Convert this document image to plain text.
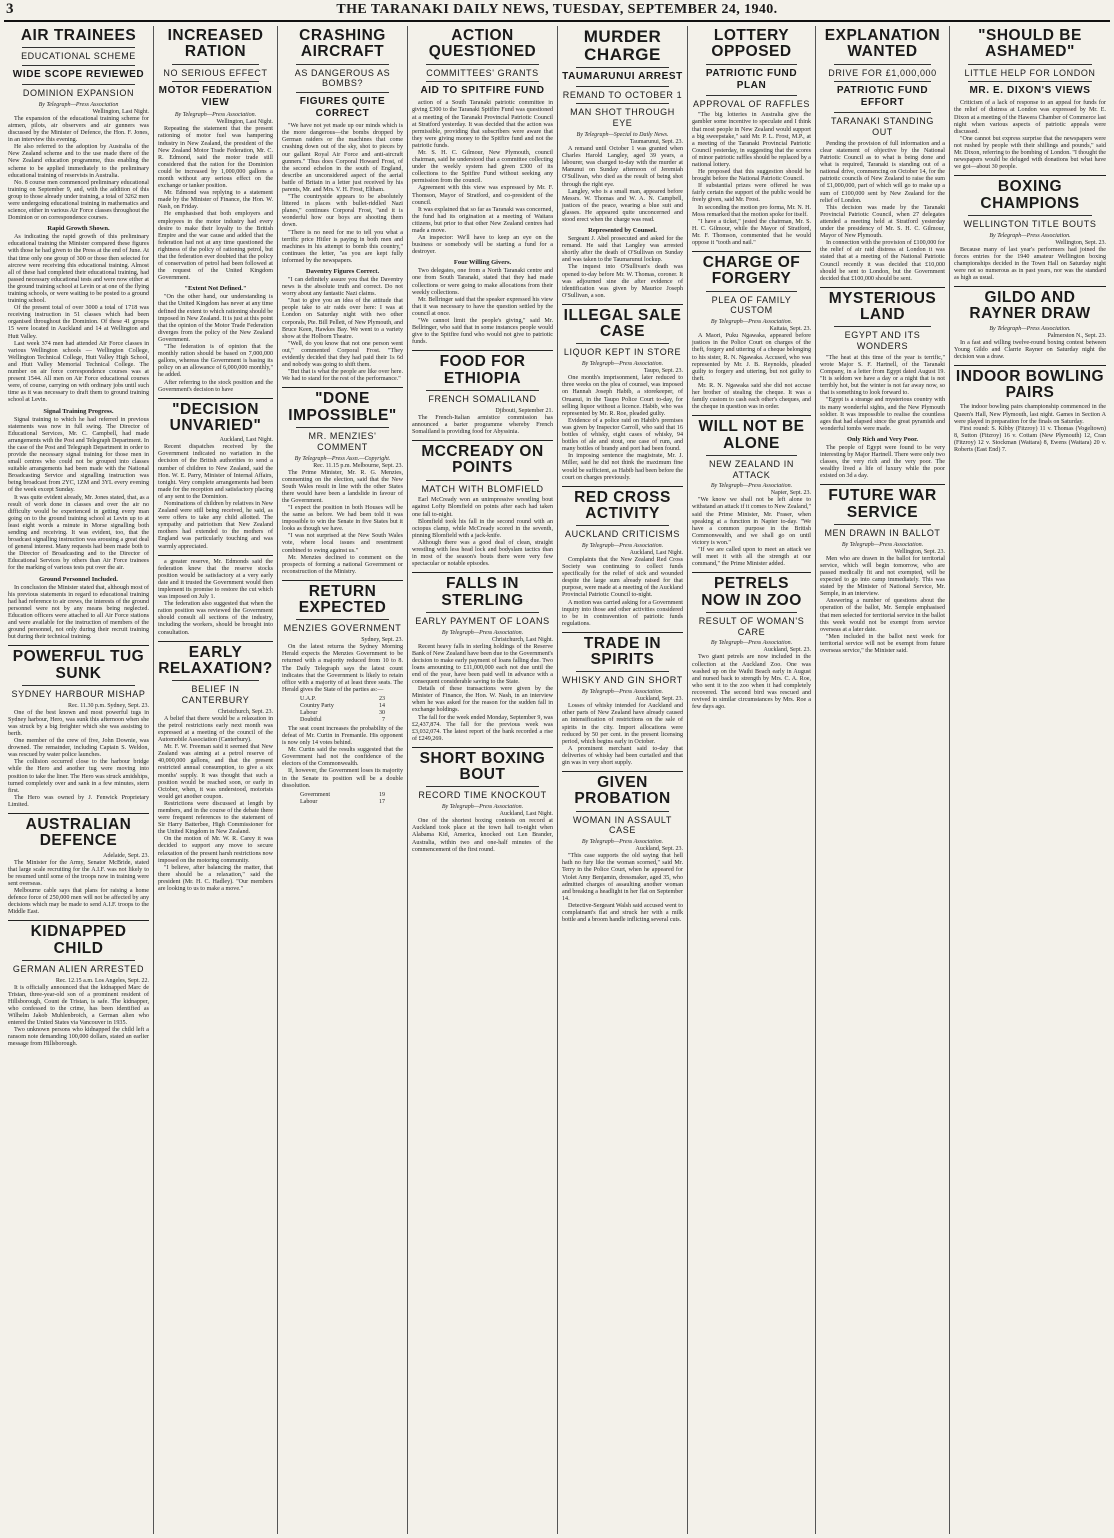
3	THE TARANAKI DAILY NEWS, TUESDAY, SEPTEMBER 24, 1940.
AIR TRAINEES
EDUCATIONAL SCHEME
WIDE SCOPE REVIEWED
DOMINION EXPANSION
By Telegraph—Press Association
Wellington, Last Night.

The expansion of the educational training scheme for airmen, pilots, air observers and air gunners was discussed by the Minister of Defence, the Hon. F. Jones, in an interview this evening.

He also referred to the adoption by Australia of the New Zealand scheme and to the use made there of the New Zealand education programme, thus enabling the scheme to be applied immediately to the preliminary educational training of reservists in Australia.

No. 8 course men commenced preliminary educational training on September 9, and, with the addition of this group to those already under training, a total of 3262 men were undergoing educational training in mathematics and science, either in various Air Force classes throughout the Dominion or on correspondence courses.

Rapid Growth Shown.

As indicating the rapid growth of this preliminary educational training the Minister compared these figures with those he had given to the Press at the end of June. At that time only one group of 300 or those then selected for aircrew were receiving this educational training. Almost all of these had completed their educational training, had passed necessary educational tests and were now either at the ground training school at Levin or at one of the flying training schools, or were waiting to be posted to a ground training school.

Of the present total of over 3000 a total of 1718 was receiving instruction in 51 classes which had been organised throughout the Dominion. Of these 41 groups 15 were located in Auckland and 14 at Wellington and Hutt Valley.

Last week 374 men had attended Air Force classes in various Wellington schools — Wellington College, Wellington Technical College, Hutt Valley High School, and Hutt Valley Memorial Technical College. The number on air force correspondence courses was at present 1544. All men on Air Force educational courses were, of course, carrying on with ordinary jobs until such time as it was necessary to draft them to ground training school at Levin.

Signal Training Progress.

Signal training to which he had referred in previous statements was now in full swing. The Director of Educational Services, Mr. C. Campbell, had made arrangements with the Post and Telegraph Department. In the case of the Post and Telegraph Department in order to provide the necessary signal training for those men in small centres who could not be grouped into classes suitable arrangements had been made with the National Broadcasting Service and signalling instruction was being broadcast from 2YC, 1ZM and 3YL every evening of the week except Sunday.

It was quite evident already, Mr. Jones stated, that, as a result of work done in classes and over the air no difficulty would be experienced in getting every man going on to the ground training school at Levin up to at least eight words a minute in Morse signalling both sending and receiving. It was evident, too, that the broadcast signalling instruction was arousing a great deal of general interest. Many requests had been made both to the Director of Broadcasting and to the Director of Educational Services by others than Air Force trainees for the marking of various tests put over the air.

Ground Personnel Included.

In conclusion the Minister stated that, although most of his previous statements in regard to educational training had had reference to air crews, the interests of the ground personnel were not by any means being neglected. Education officers were attached to all Air Force stations and were available for the instruction of members of the ground personnel, not only during their recruit training but during their technical training.

POWERFUL TUG SUNK
SYDNEY HARBOUR MISHAP
Rec. 11.30 p.m. Sydney, Sept. 23.

One of the best known and most powerful tugs in Sydney harbour, Hero, was sunk this afternoon when she was struck by a big freighter which she was assisting to berth.

One member of the crew of five, John Downie, was drowned. The remainder, including Captain S. Weldon, was rescued by water police launches.

The collision occurred close to the harbour bridge while the Hero and another tug were moving into position to take the liner. The Hero was struck amidships, turned completely over and sank in a few minutes, stern first.

The Hero was owned by J. Fenwick Proprietary Limited.

AUSTRALIAN DEFENCE
Adelaide, Sept. 23.

The Minister for the Army, Senator McBride, stated that large scale recruiting for the A.I.F. was not likely to be resumed until some of the troops now in training were sent overseas.

Melbourne cable says that plans for raising a home defence force of 250,000 men will not be affected by any decisions which may be made to send A.I.F. troops to the Middle East.

KIDNAPPED CHILD
GERMAN ALIEN ARRESTED
Rec. 12.15 a.m. Los Angeles, Sept. 22.

It is officially announced that the kidnapped Marc de Tristan, three-year-old son of a prominent resident of Hillsborough, Count de Tristan, is safe. The kidnapper, who confessed to the crime, has been identified as Wilhelm Jakob Muhlenbroich, a German alien who entered the United States via Vancouver in 1935.

Two unknown persons who kidnapped the child left a ransom note demanding 100,000 dollars, stated an earlier message from Hillsborough.

INCREASED RATION
NO SERIOUS EFFECT
MOTOR FEDERATION VIEW
By Telegraph—Press Association.
Wellington, Last Night.

Repeating the statement that the present rationing of motor fuel was hampering industry in New Zealand, the president of the New Zealand Motor Trade Federation, Mr. C. R. Edmond, said the motor trade still considered that the ration for the Dominion could be increased by 1,000,000 gallons a month without any serious effect on the exchange or tanker position.

Mr. Edmond was replying to a statement made by the Minister of Finance, the Hon. W. Nash, on Friday.

He emphasised that both employers and employees in the motor industry had every desire to make their loyalty to the British Empire and the war cause and added that the federation had not at any time questioned the rightness of the policy of rationing petrol, but that the federation ever doubted that the policy of conservation of petrol had been followed at the request of the United Kingdom Government.

"Extent Not Defined."

"On the other hand, our understanding is that the United Kingdom has never at any time defined the extent to which rationing should be imposed in New Zealand. It is just at this point that the opinion of the Motor Trade Federation diverges from the policy of the New Zealand Government.

"The federation is of opinion that the monthly ration should be based on 7,000,000 gallons, whereas the Government is basing its policy on an allowance of 6,000,000 monthly," he added.

After referring to the stock position and the Government's decision to have

"DECISION UNVARIED"
Auckland, Last Night.

Recent dispatches received by the Government indicated no variation in the decision of the British authorities to send a number of children to New Zealand, said the Hon. W. E. Parry, Minister of Internal Affairs, tonight. Very complete arrangements had been made for the reception and satisfactory placing of any sent to the Dominion.

Nominations of children by relatives in New Zealand were still being received, he said, as were offers to take any child allotted. The sympathy and patriotism that New Zealand mothers had extended to the mothers of England was particularly touching and was warmly appreciated.

a greater reserve, Mr. Edmonds said the federation knew that the reserve stocks position would be satisfactory at a very early date and it trusted the Government would then implement its promise to restore the cut which was imposed on July 1.

The federation also suggested that when the ration position was reviewed the Government should consult all sections of the industry, including the workers, should be brought into consultation.

EARLY RELAXATION?
BELIEF IN CANTERBURY
Christchurch, Sept. 23.

A belief that there would be a relaxation in the petrol restrictions early next month was expressed at a meeting of the council of the Automobile Association (Canterbury).

Mr. F. W. Freeman said it seemed that New Zealand was aiming at a petrol reserve of 40,000,000 gallons, and that the present restricted annual consumption, to give a six months' supply. It was thought that such a position would be reached soon, or early in October, when, it was understood, motorists would get another coupon.

Restrictions were discussed at length by members, and in the course of the debate there were frequent references to the statement of Sir Harry Batterbee, High Commissioner for the United Kingdom in New Zealand.

On the motion of Mr. W. R. Carey it was decided to support any move to secure relaxation of the present harsh restrictions now imposed on the motoring community.

"I believe, after balancing the matter, that there should be a relaxation," said the president (Mr. H. C. Hadley). "Our members are looking to us to make a move."

CRASHING AIRCRAFT
AS DANGEROUS AS BOMBS?
FIGURES QUITE CORRECT

"We have not yet made up our minds which is the more dangerous—the bombs dropped by German raiders or the machines that come crashing down out of the sky, shot to pieces by our gallant Royal Air Force and anti-aircraft gunners." Thus does Corporal Howard Frost, of the second echelon in the south of England, describe an unconsidered aspect of the aerial battle of Britain in a letter just received by his parents, Mr. and Mrs. V. H. Frost, Eltham.

"The countryside appears to be absolutely littered in places with bullet-riddled Nazi planes," continues Corporal Frost, "and it is wonderful how our boys are shooting them down.

"There is no need for me to tell you what a terrific price Hitler is paying in both men and machines in his attempt to bomb this country," continues the letter, "as you are kept fully informed by the newspapers.

Daventry Figures Correct.

"I can definitely assure you that the Daventry news is the absolute truth and correct. Do not worry about any fantastic Nazi claims.

"Just to give you an idea of the attitude that people take to air raids over here: I was at London on Saturday night with two other corporals, Pte. Bill Pellett, of New Plymouth, and Bruce Keen, Hawkes Bay. We went to a variety show at the Holborn Theatre.

"Well, do you know that not one person went out," commented Corporal Frost. "They evidently decided that they had paid their 1s 6d and nobody was going to shift them.

"But that is what the people are like over here. We had to stand for the rest of the performance."

"DONE IMPOSSIBLE"
MR. MENZIES' COMMENT
By Telegraph—Press Assn.—Copyright.
Rec. 11.15 p.m. Melbourne, Sept. 23.

The Prime Minister, Mr. R. G. Menzies, commenting on the election, said that the New South Wales result in line with the other States there would have been a landslide in favour of the Government.

"I expect the position in both Houses will be the same as before. We had been told it was impossible to win the Senate in five States but it looks as though we have.

"I was not surprised at the New South Wales vote, where local issues and resentment combined to swing against us."

Mr. Menzies declined to comment on the prospects of forming a national Government or reconstruction of the Ministry.

RETURN EXPECTED
MENZIES GOVERNMENT
Sydney, Sept. 23.

On the latest returns the Sydney Morning Herald expects the Menzies Government to be returned with a majority reduced from 10 to 8. The Daily Telegraph says the latest count indicates that the Government is likely to retain office with a majority of at least three seats. The Herald gives the State of the parties as:—

U.A.P.	23
Country Party	14
Labour	30
Doubtful	7

The seat count increases the probability of the defeat of Mr. Curtin in Fremantle. His opponent is now only 14 votes behind.

Mr. Curtin said the results suggested that the Government had not the confidence of the electors of the Commonwealth.

If, however, the Government loses its majority in the Senate its position will be a double dissolution.

Government	19
Labour	17
ACTION QUESTIONED
COMMITTEES' GRANTS
AID TO SPITFIRE FUND

action of a South Taranaki patriotic committee in giving £300 to the Taranaki Spitfire Fund was questioned at a meeting of the Taranaki Provincial Patriotic Council at Stratford yesterday. It was decided that the action was permissible, providing that subscribers were aware that they were giving money to the Spitfire fund and not the patriotic funds.

Mr. S. H. C. Gilmour, New Plymouth, council chairman, said he understood that a committee collecting under the weekly system had given £300 of its collections to the Spitfire Fund without seeking any permission from the council.

Agreement with this view was expressed by Mr. F. Thomson, Mayor of Stratford, and co-president of the council.

It was explained that so far as Taranaki was concerned, the fund had its origination at a meeting of Waitara citizens, but prior to that other New Zealand centres had made a move.

An inspector: We'll have to keep an eye on the business or somebody will be starting a fund for a destroyer.

Four Willing Givers.

Two delegates, one from a North Taranaki centre and one from South Taranaki, stated that they had made collections or were going to make allocations from their weekly collections.

Mr. Bellringer said that the speaker expressed his view that it was necessary to have the question settled by the council at once.

"We cannot limit the people's giving," said Mr. Bellringer, who said that in some instances people would give to the Spitfire fund who would not give to patriotic funds.

FOOD FOR ETHIOPIA
FRENCH SOMALILAND
Djibouti, September 21.

The French-Italian armistice commission has announced a barter programme whereby French Somaliland is providing food for Abyssinia.

MCCREADY ON POINTS
MATCH WITH BLOMFIELD

Earl McCready won an unimpressive wrestling bout against Lofty Blomfield on points after each had taken one fall to-night.

Blomfield took his fall in the second round with an octopus clamp, while McCready scored in the seventh, pinning Blomfield with a jack-knife.

Although there was a good deal of clean, straight wrestling with less head lock and bodyslam tactics than in most of the season's bouts there were very few spectacular or notable episodes.

FALLS IN STERLING
EARLY PAYMENT OF LOANS
By Telegraph—Press Association.
Christchurch, Last Night.

Recent heavy falls in sterling holdings of the Reserve Bank of New Zealand have been due to the Government's decision to make early payment of loans falling due. Two loans amounting to £11,000,000 each not due until the end of the year, have been paid well in advance with a consequent considerable saving to the State.

Details of these transactions were given by the Minister of Finance, the Hon. W. Nash, in an interview when he was asked for the reason for the sudden fall in exchange holdings.

The fall for the week ended Monday, September 9, was £2,437,874. The fall for the previous week was £3,032,074. The latest report of the bank recorded a rise of £249,269.

SHORT BOXING BOUT
RECORD TIME KNOCKOUT
By Telegraph—Press Association.
Auckland, Last Night.

One of the shortest boxing contests on record at Auckland took place at the town hall to-night when Alabama Kid, America, knocked out Len Brander, Australia, within two and one-half minutes of the commencement of the first round.

MURDER CHARGE
TAUMARUNUI ARREST
REMAND TO OCTOBER 1
MAN SHOT THROUGH EYE
By Telegraph—Special to Daily News.
Taumarunui, Sept. 23.

A remand until October 1 was granted when Charles Harold Langley, aged 39 years, a labourer, was charged to-day with the murder at Manunui on Sunday afternoon of Jeremiah O'Sullivan, who died as the result of being shot through the right eye.

Langley, who is a small man, appeared before Messrs. W. Thomas and W. A. N. Campbell, justices of the peace, wearing a blue suit and glasses. He appeared quite unconcerned and stood erect when the charge was read.

Represented by Counsel.

Sergeant J. Abel prosecuted and asked for the remand. He said that Langley was arrested shortly after the death of O'Sullivan on Sunday and was taken to the Taumarunui lockup.

The inquest into O'Sullivan's death was opened to-day before Mr. W. Thomas, coroner. It was adjourned sine die after evidence of identification was given by Maurice Joseph O'Sullivan, a son.

ILLEGAL SALE CASE
LIQUOR KEPT IN STORE
By Telegraph—Press Association.
Taupo, Sept. 23.

One month's imprisonment, later reduced to three weeks on the plea of counsel, was imposed on Hannah Joseph Habib, a storekeeper, of Oruanui, in the Taupo Police Court to-day, for selling liquor without a licence. Habib, who was represented by Mr. R. Roe, pleaded guilty.

Evidence of a police raid on Habib's premises was given by Inspector Carroll, who said that 16 bottles of whisky, eight cases of whisky, 94 bottles of ale and stout, one case of rum, and many bottles of brandy and port had been found.

In imposing sentence the magistrate, Mr. J. Miller, said he did not think the maximum fine would be sufficient, as Habib had been before the court on charges previously.

RED CROSS ACTIVITY
AUCKLAND CRITICISMS
By Telegraph—Press Association.
Auckland, Last Night.

Complaints that the New Zealand Red Cross Society was continuing to collect funds specifically for the relief of sick and wounded despite the large sum already raised for that purpose, were made at a meeting of the Auckland Provincial Patriotic Council to-night.

A motion was carried asking for a Government inquiry into those and other activities considered to be in contravention of patriotic funds regulations.

TRADE IN SPIRITS
WHISKY AND GIN SHORT
By Telegraph—Press Association.
Auckland, Sept. 23.

Losses of whisky intended for Auckland and other parts of New Zealand have already caused an intensification of restrictions on the sale of spirits in the city. Import allocations were reduced by 50 per cent. in the present licensing period, which begins early in October.

A prominent merchant said to-day that deliveries of whisky had been curtailed and that gin was in very short supply.

GIVEN PROBATION
WOMAN IN ASSAULT CASE
By Telegraph—Press Association.
Auckland, Sept. 23.

"This case supports the old saying that hell hath no fury like the woman scorned," said Mr. Terry in the Police Court, when he appeared for Violet Amy Benjamin, dressmaker, aged 35, who admitted charges of assaulting another woman and breaking a headlight in her flat on September 14.

Detective-Sergeant Walsh said accused went to complainant's flat and struck her with a milk bottle and a broom handle inflicting several cuts.

LOTTERY OPPOSED
PATRIOTIC FUND PLAN
APPROVAL OF RAFFLES

"The big lotteries in Australia give the gambler some incentive to speculate and I think that most people in New Zealand would support a big sweepstake," said Mr. P. L. Frost, M.P., at a meeting of the Taranaki Provincial Patriotic Council yesterday, in suggesting that the scores of minor patriotic raffles should be replaced by a national lottery.

He proposed that this suggestion should be brought before the National Patriotic Council.

If substantial prizes were offered he was fairly certain the support of the public would be freely given, said Mr. Frost.

In seconding the motion pro forma, Mr. N. H. Moss remarked that the motion spoke for itself.

"I have a ticket," jested the chairman, Mr. S. H. C. Gilmour, while the Mayor of Stratford, Mr. F. Thomson, commented that he would oppose it "tooth and nail."

CHARGE OF FORGERY
PLEA OF FAMILY CUSTOM
By Telegraph—Press Association.
Kaitaia, Sept. 23.

A Maori, Puku Ngawaka, appeared before justices in the Police Court on charges of the theft, forgery and uttering of a cheque belonging to his sister, R. N. Ngawaka. Accused, who was represented by Mr. J. B. Reynolds, pleaded guilty to forgery and uttering, but not guilty to theft.

Mr. R. N. Ngawaka said she did not accuse her brother of stealing the cheque. It was a family custom to cash each other's cheques, and the cheque in question was in order.

WILL NOT BE ALONE
NEW ZEALAND IN ATTACK
By Telegraph—Press Association.
Napier, Sept. 23.

"We know we shall not be left alone to withstand an attack if it comes to New Zealand," said the Prime Minister, Mr. Fraser, when speaking at a function in Napier to-day. "We have a common purpose in the British Commonwealth, and we shall go on until victory is won."

"If we are called upon to meet an attack we will meet it with all the strength at our command," the Prime Minister added.

PETRELS NOW IN ZOO
RESULT OF WOMAN'S CARE
By Telegraph—Press Association.
Auckland, Sept. 23.

Two giant petrels are now included in the collection at the Auckland Zoo. One was washed up on the Waihi Beach early in August and nursed back to strength by Mrs. C. A. Roe, who sent it to the zoo when it had completely recovered. The second bird was rescued and revived in similar circumstances by Mrs. Roe a few days ago.

EXPLANATION WANTED
DRIVE FOR £1,000,000
PATRIOTIC FUND EFFORT
TARANAKI STANDING OUT

Pending the provision of full information and a clear statement of objective by the National Patriotic Council as to what is being done and what is required, Taranaki is standing out of a national drive, commencing on October 14, for the patriotic councils of New Zealand to raise the sum of £1,000,000, part of which will go to make up a sum of £100,000 sent by New Zealand for the relief of London.

This decision was made by the Taranaki Provincial Patriotic Council, when 27 delegates attended a meeting held at Stratford yesterday under the presidency of Mr. S. H. C. Gilmour, Mayor of New Plymouth.

In connection with the provision of £100,000 for the relief of air raid distress at London it was stated that at a meeting of the National Patriotic Council recently it was decided that £10,000 should be sent to London, but the Government decided that £100,000 should be sent.

MYSTERIOUS LAND
EGYPT AND ITS WONDERS

"The heat at this time of the year is terrific," wrote Major S. F. Hartnell, of the Taranaki Company, in a letter from Egypt dated August 19. "It is seldom we have a day or a night that is not terribly hot, but the winter is not far away now, so that is something to look forward to.

"Egypt is a strange and mysterious country with its many wonderful sights, and the New Plymouth soldier. It was impossible to realise the countless ages that had elapsed since the great pyramids and wonderful tombs were made.

Only Rich and Very Poor.

The people of Egypt were found to be very interesting by Major Hartnell. There were only two classes, the very rich and the very poor. The wealthy lived a life of luxury while the poor existed on 3d a day.

FUTURE WAR SERVICE
MEN DRAWN IN BALLOT
By Telegraph—Press Association.
Wellington, Sept. 23.

Men who are drawn in the ballot for territorial service, which will begin tomorrow, who are passed medically fit and not exempted, will be expected to go into camp immediately. This was stated by the Minister of National Service, Mr. Semple, in an interview.

Answering a number of questions about the operation of the ballot, Mr. Semple emphasised that men selected for territorial service in the ballot this week would not be exempt from service overseas at a later date.

"Men included in the ballot next week for territorial service will not be exempt from future overseas service," the Minister said.

"SHOULD BE ASHAMED"
LITTLE HELP FOR LONDON
MR. E. DIXON'S VIEWS

Criticism of a lack of response to an appeal for funds for the relief of distress at London was expressed by Mr. E. Dixon at a meeting of the Hawera Chamber of Commerce last night when various aspects of patriotic appeals were discussed.

"One cannot but express surprise that the newspapers were not rushed by people with their shillings and pounds," said Mr. Dixon, referring to the bombing of London. "I thought the newspapers would be deluged with donations but what have we got—about 30 people.

BOXING CHAMPIONS
WELLINGTON TITLE BOUTS
By Telegraph—Press Association.
Wellington, Sept. 23.

Because many of last year's performers had joined the forces entries for the 1940 amateur Wellington boxing championships decided in the Town Hall on Saturday night were not so numerous as in past years, nor was the standard as high as usual.

GILDO AND RAYNER DRAW
By Telegraph—Press Association.
Palmerston N., Sept. 23.

In a fast and willing twelve-round boxing contest between Young Gildo and Clarrie Rayner on Saturday night the decision was a draw.

INDOOR BOWLING PAIRS

The indoor bowling pairs championship commenced in the Queen's Hall, New Plymouth, last night. Games in Section A were played in preparation for the finals on Saturday.

First round: S. Kibby (Fitzroy) 11 v. Thomas (Vogeltown) 8, Sutton (Fitzroy) 16 v. Cottam (New Plymouth) 12, Cran (Fitzroy) 12 v. Stockman (Waitara) 8, Ewens (Waitara) 20 v. Roberts (East End) 7.
